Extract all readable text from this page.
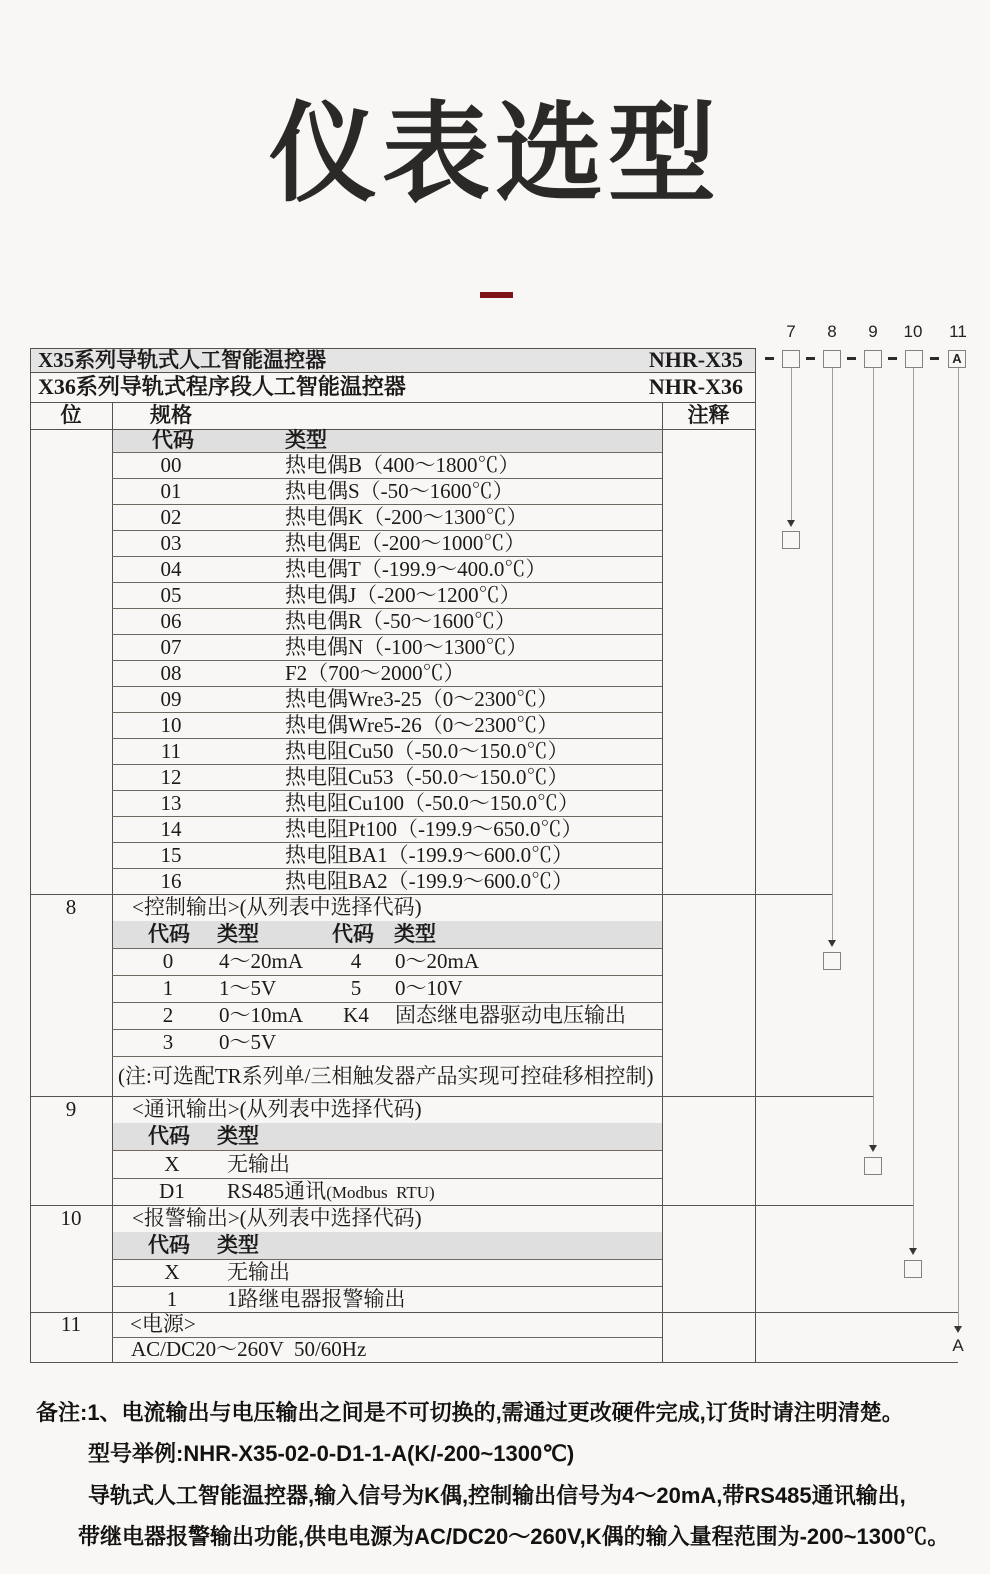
仪表选型
7	8	9	10 11
A
A
X35系列导轨式人工智能温控器	NHR-X35
X36系列导轨式程序段人工智能温控器	NHR-X36
位	规格	注释
代码	类型
00	热电偶B（400～1800℃）
01	热电偶S（-50～1600℃）
02	热电偶K（-200～1300℃）
03	热电偶E（-200～1000℃）
04	热电偶T（-199.9～400.0℃）
05	热电偶J（-200～1200℃）
06	热电偶R（-50～1600℃）
07	热电偶N（-100～1300℃）
08	F2（700～2000℃）
09	热电偶Wre3-25（0～2300℃）
10	热电偶Wre5-26（0～2300℃）
11	热电阻Cu50（-50.0～150.0℃）
12	热电阻Cu53（-50.0～150.0℃）
13	热电阻Cu100（-50.0～150.0℃）
14	热电阻Pt100（-199.9～650.0℃）
15	热电阻BA1（-199.9～600.0℃）
16	热电阻BA2（-199.9～600.0℃）
8	<控制输出>(从列表中选择代码)
代码 类型	代码 类型
0	4～20mA	4	0～20mA
1	1～5V	5	0～10V
2	0～10mA	K4	固态继电器驱动电压输出
3	0～5V
(注:可选配TR系列单/三相触发器产品实现可控硅移相控制)
9	<通讯输出>(从列表中选择代码)
代码 类型
X	无输出
D1	RS485通讯(Modbus  RTU)
10	<报警输出>(从列表中选择代码)
代码 类型
X	无输出
1	1路继电器报警输出
11	<电源>
AC/DC20～260V  50/60Hz
备注:1、电流输出与电压输出之间是不可切换的,需通过更改硬件完成,订货时请注明清楚。
型号举例:NHR-X35-02-0-D1-1-A(K/-200~1300℃)
导轨式人工智能温控器,输入信号为K偶,控制输出信号为4～20mA,带RS485通讯输出,
带继电器报警输出功能,供电电源为AC/DC20～260V,K偶的输入量程范围为-200~1300℃。
